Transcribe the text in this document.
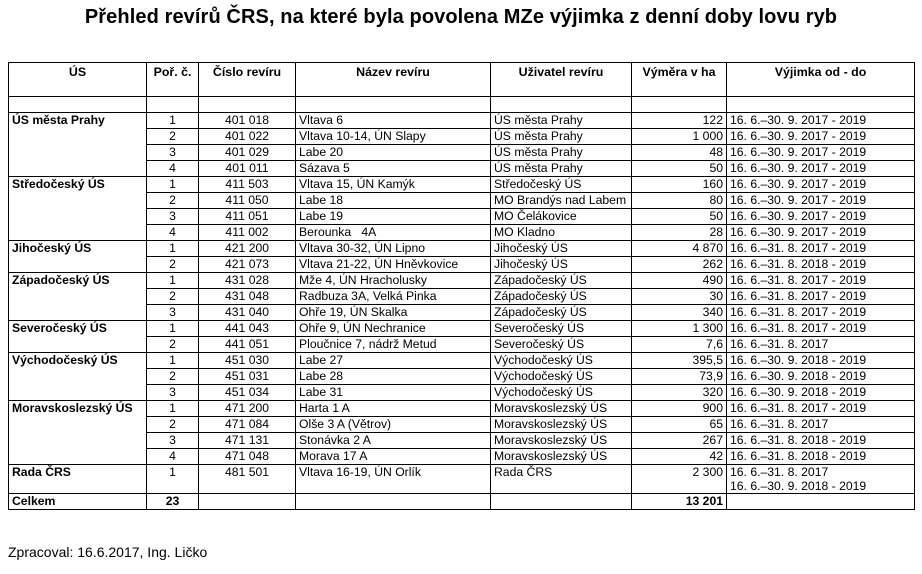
Přehled revírů ČRS, na které byla povolena MZe výjimka z denní doby lovu ryb
ÚS	Poř. č.	Číslo revíru	Název revíru	Uživatel revíru	Výměra v ha	Výjimka od - do

ÚS města Prahy	1	401 018	Vltava 6	ÚS města Prahy	122	16. 6.–30. 9. 2017 - 2019

	2	401 022	Vltava 10-14, ÚN Slapy	ÚS města Prahy	1 000	16. 6.–30. 9. 2017 - 2019

	3	401 029	Labe 20	ÚS města Prahy	48	16. 6.–30. 9. 2017 - 2019

	4	401 011	Sázava 5	ÚS města Prahy	50	16. 6.–30. 9. 2017 - 2019

Středočeský ÚS	1	411 503	Vltava 15, ÚN Kamýk	Středočeský ÚS	160	16. 6.–30. 9. 2017 - 2019

	2	411 050	Labe 18	MO Brandýs nad Labem	80	16. 6.–30. 9. 2017 - 2019

	3	411 051	Labe 19	MO Čelákovice	50	16. 6.–30. 9. 2017 - 2019

	4	411 002	Berounka   4A	MO Kladno	28	16. 6.–30. 9. 2017 - 2019

Jihočeský ÚS	1	421 200	Vltava 30-32, ÚN Lipno	Jihočeský ÚS	4 870	16. 6.–31. 8. 2017 - 2019

	2	421 073	Vltava 21-22, ÚN Hněvkovice	Jihočeský ÚS	262	16. 6.–31. 8. 2018 - 2019

Západočeský ÚS	1	431 028	Mže 4, ÚN Hracholusky	Západočeský ÚS	490	16. 6.–31. 8. 2017 - 2019

	2	431 048	Radbuza 3A, Velká Pinka	Západočeský ÚS	30	16. 6.–31. 8. 2017 - 2019

	3	431 040	Ohře 19, ÚN Skalka	Západočeský ÚS	340	16. 6.–31. 8. 2017 - 2019

Severočeský ÚS	1	441 043	Ohře 9, ÚN Nechranice	Severočeský ÚS	1 300	16. 6.–31. 8. 2017 - 2019

	2	441 051	Ploučnice 7, nádrž Metud	Severočeský ÚS	7,6	16. 6.–31. 8. 2017

Východočeský ÚS	1	451 030	Labe 27	Východočeský ÚS	395,5	16. 6.–30. 9. 2018 - 2019

	2	451 031	Labe 28	Východočeský ÚS	73,9	16. 6.–30. 9. 2018 - 2019

	3	451 034	Labe 31	Východočeský ÚS	320	16. 6.–30. 9. 2018 - 2019

Moravskoslezský ÚS	1	471 200	Harta 1 A	Moravskoslezský ÚS	900	16. 6.–31. 8. 2017 - 2019

	2	471 084	Olše 3 A (Větrov)	Moravskoslezský ÚS	65	16. 6.–31. 8. 2017

	3	471 131	Stonávka 2 A	Moravskoslezský ÚS	267	16. 6.–31. 8. 2018 - 2019

	4	471 048	Morava 17 A	Moravskoslezský ÚS	42	16. 6.–31. 8. 2018 - 2019

Rada ČRS	1	481 501	Vltava 16-19, ÚN Orlík	Rada ČRS	2 300	16. 6.–31. 8. 2017
16. 6.–30. 9. 2018 - 2019

Celkem	23				13 201	
Zpracoval: 16.6.2017, Ing. Ličko
